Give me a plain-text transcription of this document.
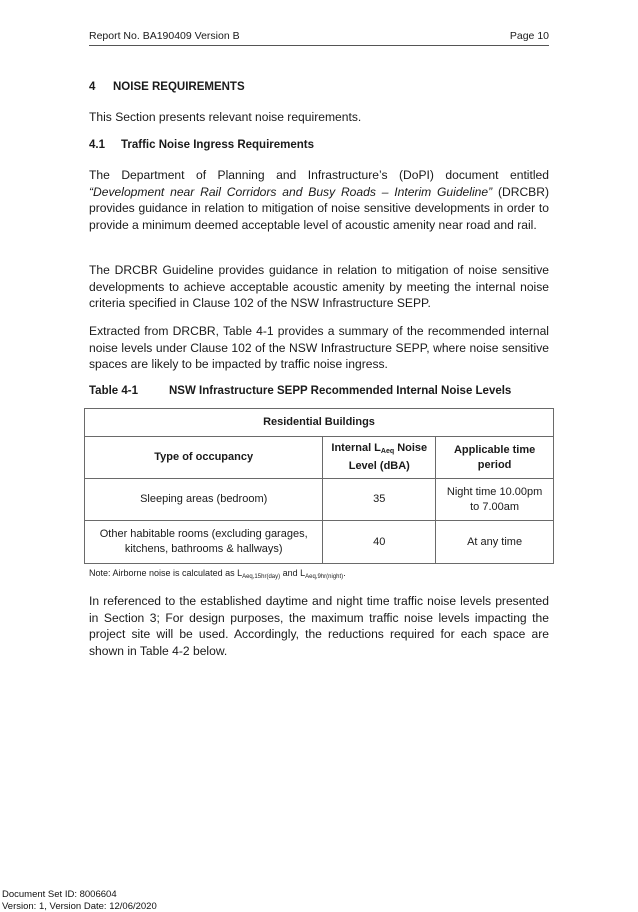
Report No. BA190409 Version B	Page 10
4 NOISE REQUIREMENTS

This Section presents relevant noise requirements.

4.1 Traffic Noise Ingress Requirements

The Department of Planning and Infrastructure’s (DoPI) document entitled “Development near Rail Corridors and Busy Roads – Interim Guideline” (DRCBR) provides guidance in relation to mitigation of noise sensitive developments in order to provide a minimum deemed acceptable level of acoustic amenity near road and rail.

The DRCBR Guideline provides guidance in relation to mitigation of noise sensitive developments to achieve acceptable acoustic amenity by meeting the internal noise criteria specified in Clause 102 of the NSW Infrastructure SEPP.

Extracted from DRCBR, Table 4-1 provides a summary of the recommended internal noise levels under Clause 102 of the NSW Infrastructure SEPP, where noise sensitive spaces are likely to be impacted by traffic noise ingress.

Table 4-1	NSW Infrastructure SEPP Recommended Internal Noise Levels
Residential Buildings		
Type of occupancy	Internal $L_{Aeq}$ Noise Level (dBA)	Applicable time period
Sleeping areas (bedroom)	35	Night time 10.00pm to 7.00am
Other habitable rooms (excluding garages, kitchens, bathrooms & hallways)	40	At any time
Note: Airborne noise is calculated as $L_{Aeq,15hr(day)}$ and $L_{Aeq,9hr(night)}$.

In referenced to the established daytime and night time traffic noise levels presented in Section 3; For design purposes, the maximum traffic noise levels impacting the project site will be used. Accordingly, the reductions required for each space are shown in Table 4-2 below.

Document Set ID: 8006604
Version: 1, Version Date: 12/06/2020
